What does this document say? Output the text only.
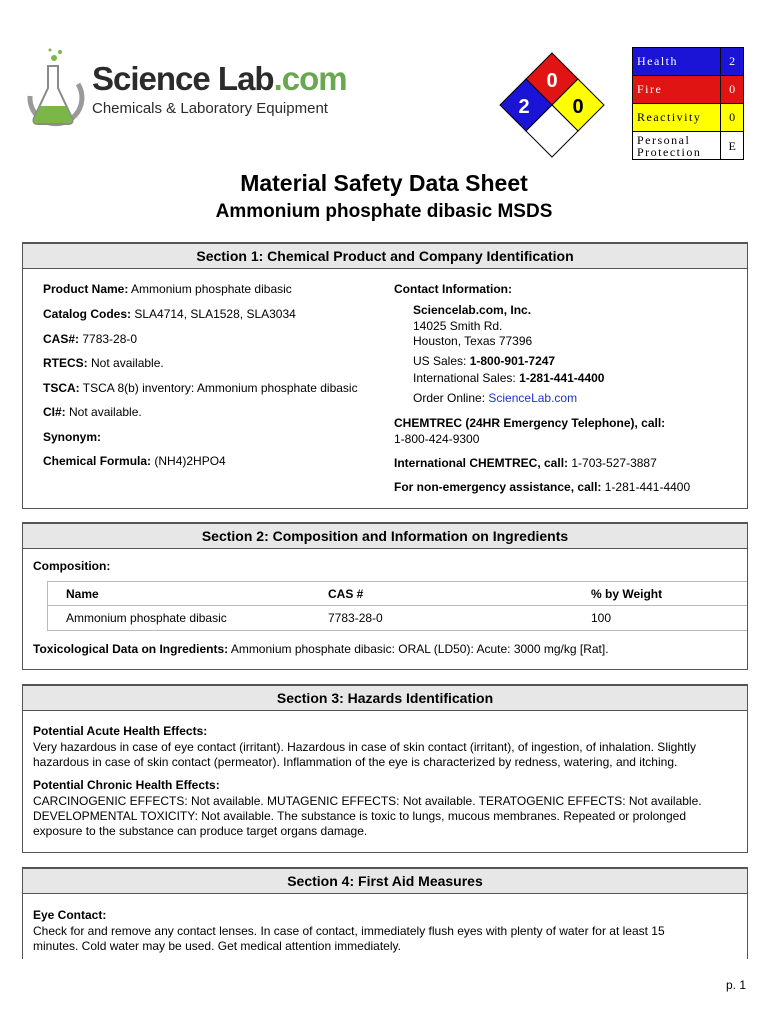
Science Lab.com
Chemicals & Laboratory Equipment
0
2 0
Health	2
Fire	0
Reactivity	0
Personal
Protection	E
Material Safety Data Sheet
Ammonium phosphate dibasic MSDS
Section 1: Chemical Product and Company Identification
Product Name: Ammonium phosphate dibasic
Catalog Codes: SLA4714, SLA1528, SLA3034
CAS#: 7783-28-0
RTECS: Not available.
TSCA: TSCA 8(b) inventory: Ammonium phosphate dibasic
CI#: Not available.
Synonym:
Chemical Formula: (NH4)2HPO4
Contact Information:
Sciencelab.com, Inc.
14025 Smith Rd.
Houston, Texas 77396
US Sales: 1-800-901-7247
International Sales: 1-281-441-4400
Order Online: ScienceLab.com
CHEMTREC (24HR Emergency Telephone), call:
1-800-424-9300
International CHEMTREC, call: 1-703-527-3887
For non-emergency assistance, call: 1-281-441-4400
Section 2: Composition and Information on Ingredients
Composition:
Name	CAS #	% by Weight
Ammonium phosphate dibasic	7783-28-0	100
Toxicological Data on Ingredients: Ammonium phosphate dibasic: ORAL (LD50): Acute: 3000 mg/kg [Rat].
Section 3: Hazards Identification
Potential Acute Health Effects:
Very hazardous in case of eye contact (irritant). Hazardous in case of skin contact (irritant), of ingestion, of inhalation. Slightly
hazardous in case of skin contact (permeator). Inflammation of the eye is characterized by redness, watering, and itching.
Potential Chronic Health Effects:
CARCINOGENIC EFFECTS: Not available. MUTAGENIC EFFECTS: Not available. TERATOGENIC EFFECTS: Not available.
DEVELOPMENTAL TOXICITY: Not available. The substance is toxic to lungs, mucous membranes. Repeated or prolonged
exposure to the substance can produce target organs damage.
Section 4: First Aid Measures
Eye Contact:
Check for and remove any contact lenses. In case of contact, immediately flush eyes with plenty of water for at least 15
minutes. Cold water may be used. Get medical attention immediately.
p. 1
